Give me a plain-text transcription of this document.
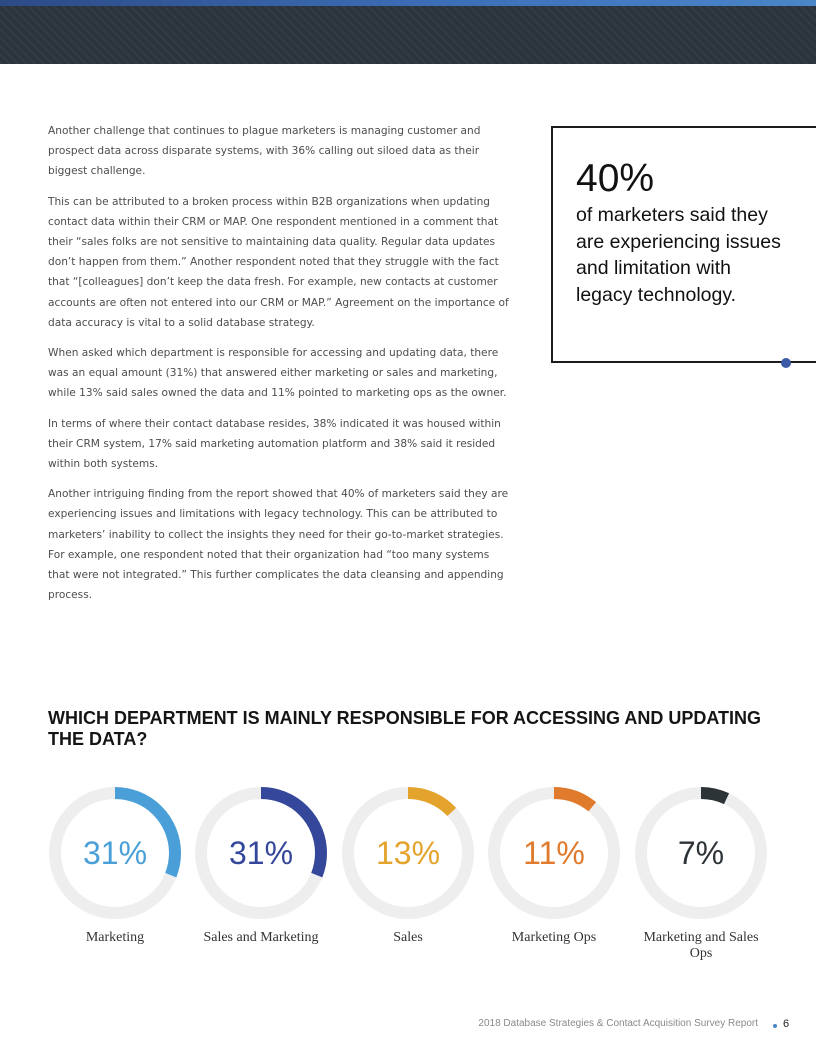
Another challenge that continues to plague marketers is managing customer and prospect data across disparate systems, with 36% calling out siloed data as their biggest challenge.

This can be attributed to a broken process within B2B organizations when updating contact data within their CRM or MAP. One respondent mentioned in a comment that their “sales folks are not sensitive to maintaining data quality. Regular data updates don’t happen from them.” Another respondent noted that they struggle with the fact that “[colleagues] don’t keep the data fresh. For example, new contacts at customer accounts are often not entered into our CRM or MAP.” Agreement on the importance of data accuracy is vital to a solid database strategy.

When asked which department is responsible for accessing and updating data, there was an equal amount (31%) that answered either marketing or sales and marketing, while 13% said sales owned the data and 11% pointed to marketing ops as the owner.

In terms of where their contact database resides, 38% indicated it was housed within their CRM system, 17% said marketing automation platform and 38% said it resided within both systems.

Another intriguing finding from the report showed that 40% of marketers said they are experiencing issues and limitations with legacy technology. This can be attributed to marketers’ inability to collect the insights they need for their go-to-market strategies. For example, one respondent noted that their organization had “too many systems that were not integrated.” This further complicates the data cleansing and appending process.

40%
of marketers said they are experiencing issues and limitation with legacy technology.
WHICH DEPARTMENT IS MAINLY RESPONSIBLE FOR ACCESSING AND UPDATING THE DATA?
31%
Marketing
31%
Sales and Marketing
13%
Sales
11%
Marketing Ops
7%
Marketing and Sales Ops
2018 Database Strategies & Contact Acquisition Survey Report 6
